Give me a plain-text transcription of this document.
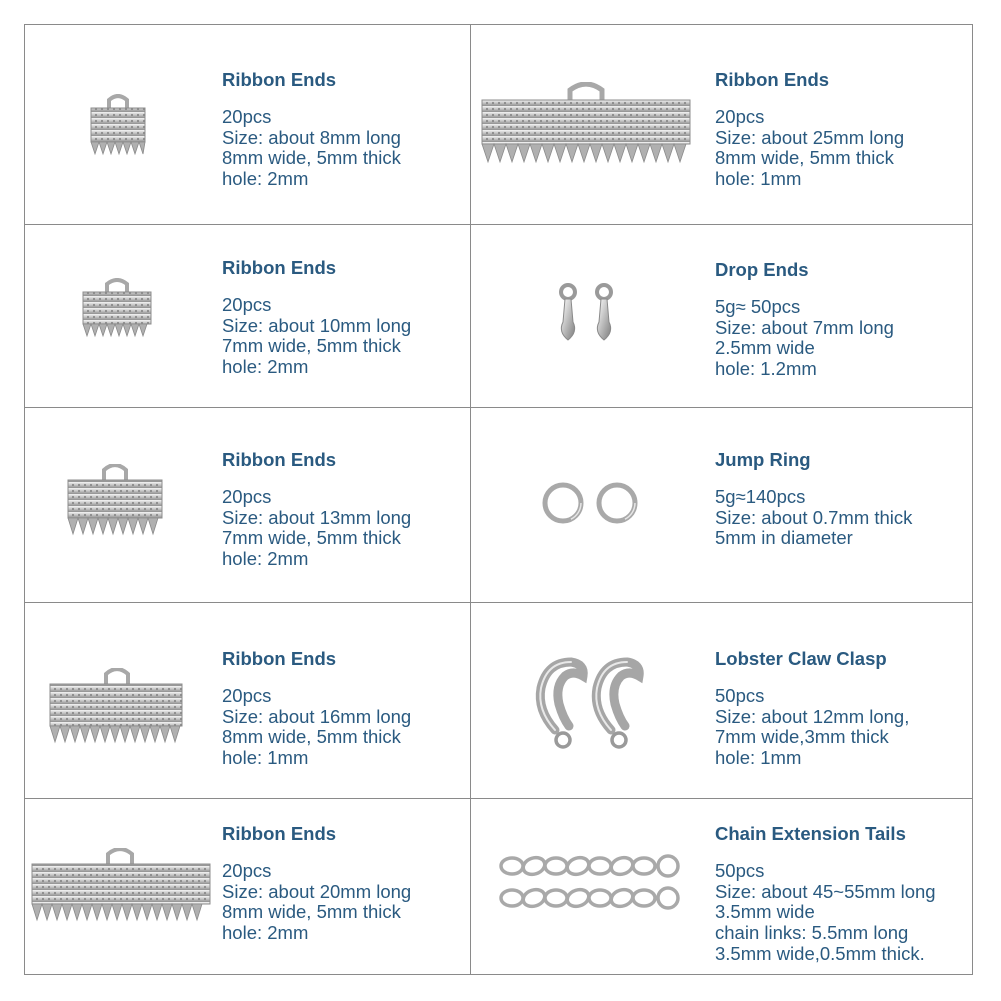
Ribbon Ends
20pcs
Size: about 8mm long
8mm wide, 5mm thick
hole: 2mm
Ribbon Ends
20pcs
Size: about 25mm long
8mm wide, 5mm thick
hole: 1mm
Ribbon Ends
20pcs
Size: about 10mm long
7mm wide, 5mm thick
hole: 2mm
Drop Ends
5g≈ 50pcs
Size: about 7mm long
2.5mm wide
hole: 1.2mm
Ribbon Ends
20pcs
Size: about 13mm long
7mm wide, 5mm thick
hole: 2mm
Jump Ring
5g≈140pcs
Size: about 0.7mm thick
5mm in diameter
Ribbon Ends
20pcs
Size: about 16mm long
8mm wide, 5mm thick
hole: 1mm
Lobster Claw Clasp
50pcs
Size: about 12mm long,
7mm wide,3mm thick
hole: 1mm
Ribbon Ends
20pcs
Size: about 20mm long
8mm wide, 5mm thick
hole: 2mm
Chain Extension Tails
50pcs
Size: about 45~55mm long
3.5mm wide
chain links: 5.5mm long
3.5mm wide,0.5mm thick.
